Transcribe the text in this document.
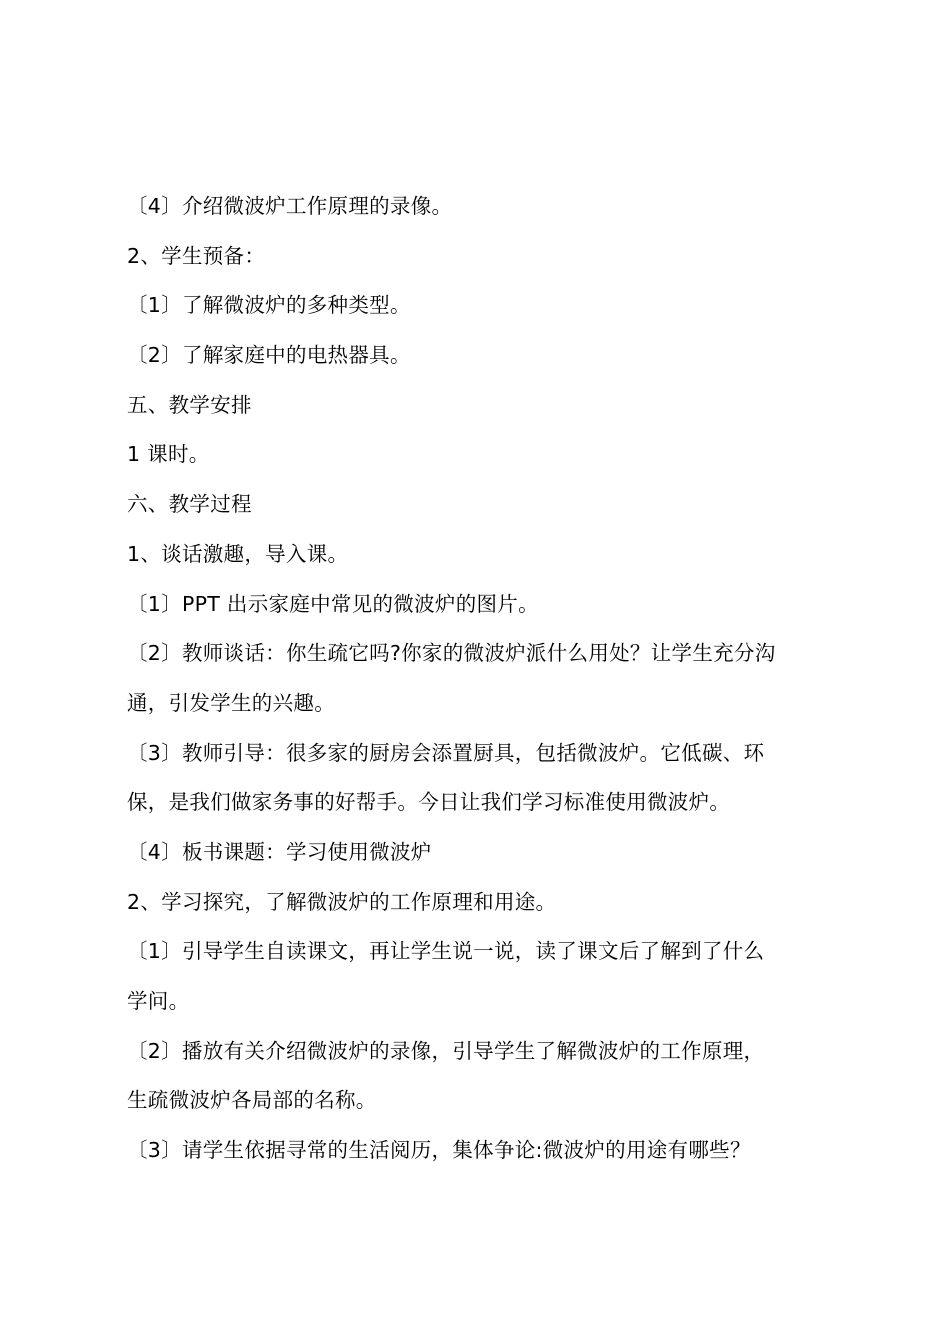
〔4〕介绍微波炉工作原理的录像。
2、学生预备：
〔1〕了解微波炉的多种类型。
〔2〕了解家庭中的电热器具。
五、教学安排
1 课时。
六、教学过程
1、谈话激趣，导入课。
〔1〕PPT 出示家庭中常见的微波炉的图片。
〔2〕教师谈话：你生疏它吗?你家的微波炉派什么用处？让学生充分沟
通，引发学生的兴趣。
〔3〕教师引导：很多家的厨房会添置厨具，包括微波炉。它低碳、环
保，是我们做家务事的好帮手。今日让我们学习标准使用微波炉。
〔4〕板书课题：学习使用微波炉
2、学习探究，了解微波炉的工作原理和用途。
〔1〕引导学生自读课文，再让学生说一说，读了课文后了解到了什么
学问。
〔2〕播放有关介绍微波炉的录像，引导学生了解微波炉的工作原理，
生疏微波炉各局部的名称。
〔3〕请学生依据寻常的生活阅历，集体争论:微波炉的用途有哪些？
